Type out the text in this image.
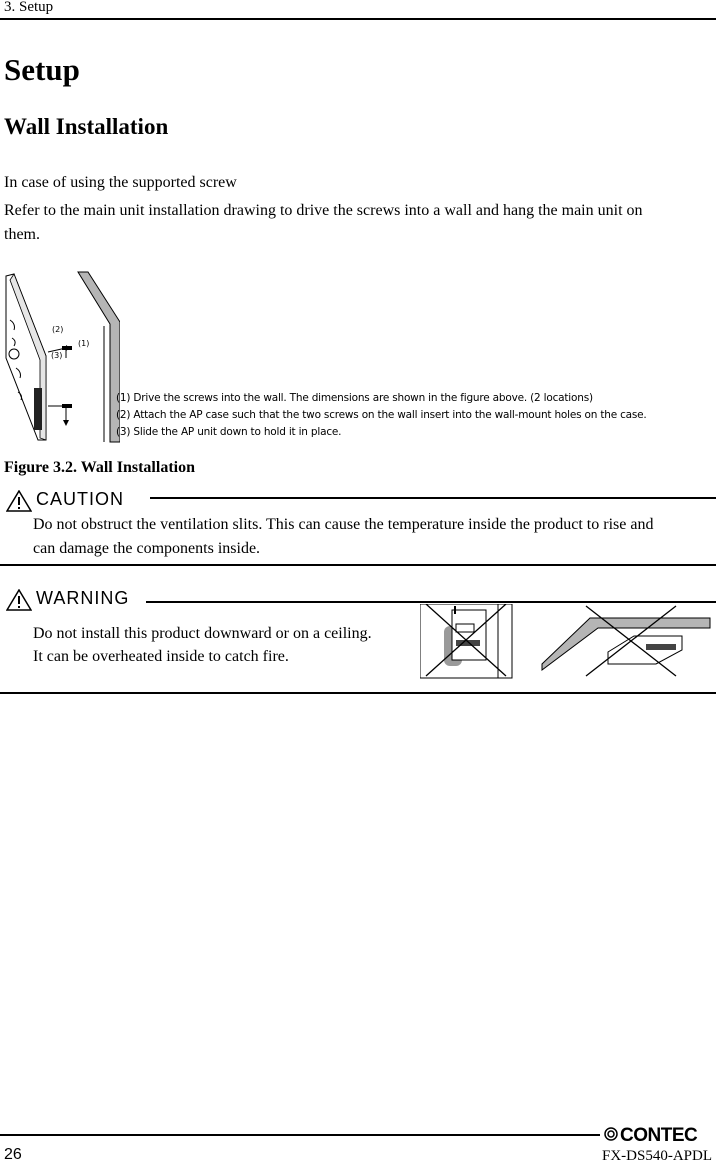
3. Setup
Setup
Wall Installation
In case of using the supported screw
Refer to the main unit installation drawing to drive the screws into a wall and hang the main unit on
them.
(2)
(3)
(1)
(1) Drive the screws into the wall. The dimensions are shown in the figure above. (2 locations)
(2) Attach the AP case such that the two screws on the wall insert into the wall-mount holes on the case.
(3) Slide the AP unit down to hold it in place.
Figure 3.2. Wall Installation
CAUTION
Do not obstruct the ventilation slits. This can cause the temperature inside the product to rise and
can damage the components inside.
WARNING
Do not install this product downward or on a ceiling.
It can be overheated inside to catch fire.
CONTEC
26	FX-DS540-APDL
